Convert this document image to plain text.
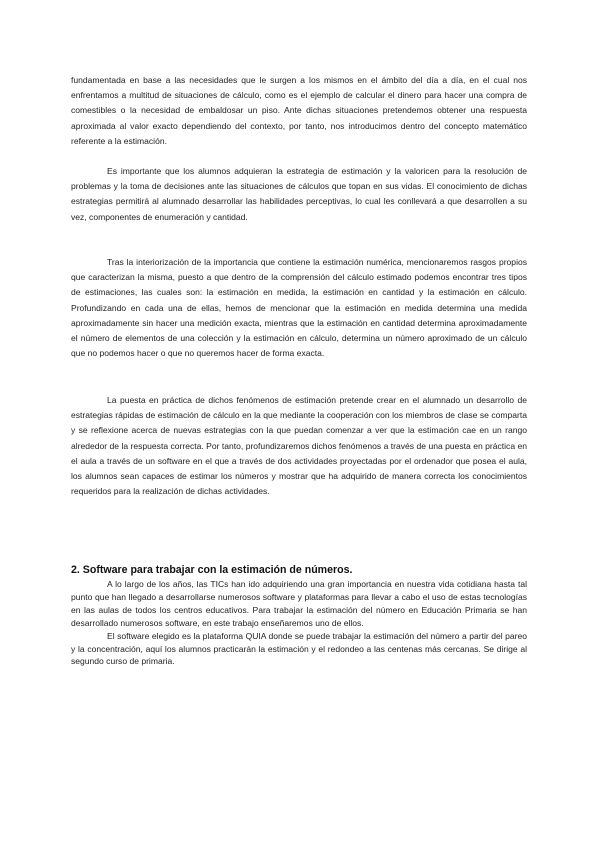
fundamentada en base a las necesidades que le surgen a los mismos en el ámbito del día a día, en el cual nos enfrentamos a multitud de situaciones de cálculo, como es el ejemplo de calcular el dinero para hacer una compra de comestibles o la necesidad de embaldosar un piso. Ante dichas situaciones pretendemos obtener una respuesta aproximada al valor exacto dependiendo del contexto, por tanto, nos introducimos dentro del concepto matemático referente a la estimación.

Es importante que los alumnos adquieran la estrategia de estimación y la valoricen para la resolución de problemas y la toma de decisiones ante las situaciones de cálculos que topan en sus vidas. El conocimiento de dichas estrategias permitirá al alumnado desarrollar las habilidades perceptivas, lo cual les conllevará a que desarrollen a su vez, componentes de enumeración y cantidad.

Tras la interiorización de la importancia que contiene la estimación numérica, mencionaremos rasgos propios que caracterizan la misma, puesto a que dentro de la comprensión del cálculo estimado podemos encontrar tres tipos de estimaciones, las cuales son: la estimación en medida, la estimación en cantidad y la estimación en cálculo. Profundizando en cada una de ellas, hemos de mencionar que la estimación en medida determina una medida aproximadamente sin hacer una medición exacta, mientras que la estimación en cantidad determina aproximadamente el número de elementos de una colección y la estimación en cálculo, determina un número aproximado de un cálculo que no podemos hacer o que no queremos hacer de forma exacta.

La puesta en práctica de dichos fenómenos de estimación pretende crear en el alumnado un desarrollo de estrategias rápidas de estimación de cálculo en la que mediante la cooperación con los miembros de clase se comparta y se reflexione acerca de nuevas estrategias con la que puedan comenzar a ver que la estimación cae en un rango alrededor de la respuesta correcta. Por tanto, profundizaremos dichos fenómenos a través de una puesta en práctica en el aula a través de un software en el que a través de dos actividades proyectadas por el ordenador que posea el aula, los alumnos sean capaces de estimar los números y mostrar que ha adquirido de manera correcta los conocimientos requeridos para la realización de dichas actividades.

2. Software para trabajar con la estimación de números.

A lo largo de los años, las TICs han ido adquiriendo una gran importancia en nuestra vida cotidiana hasta tal punto que han llegado a desarrollarse numerosos software y plataformas para llevar a cabo el uso de estas tecnologías en las aulas de todos los centros educativos. Para trabajar la estimación del número en Educación Primaria se han desarrollado numerosos software, en este trabajo enseñaremos uno de ellos.

El software elegido es la plataforma QUIA donde se puede trabajar la estimación del número a partir del pareo y la concentración, aquí los alumnos practicarán la estimación y el redondeo a las centenas más cercanas. Se dirige al segundo curso de primaria.
